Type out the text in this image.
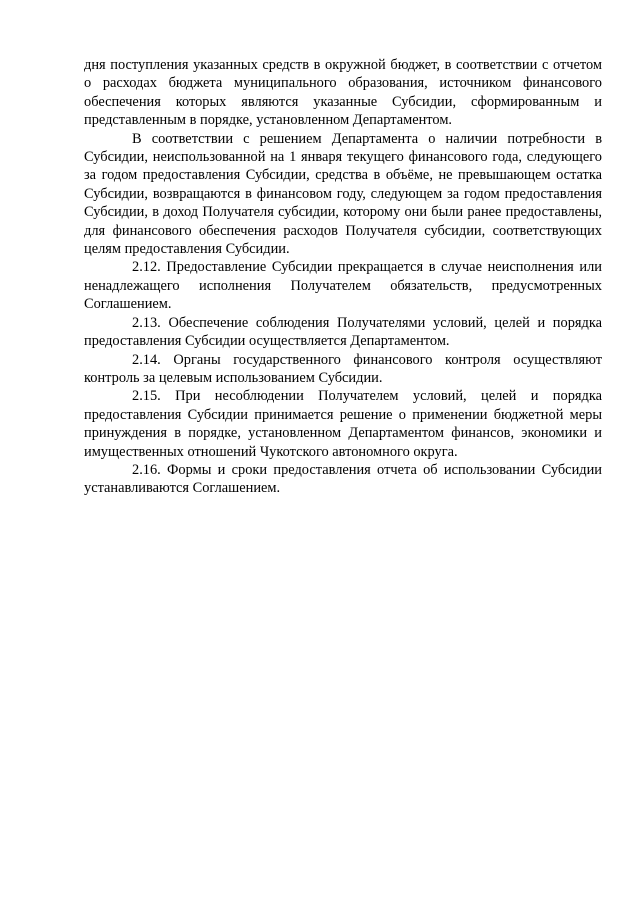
дня поступления указанных средств в окружной бюджет, в соответствии с отчетом о расходах бюджета муниципального образования, источником финансового обеспечения которых являются указанные Субсидии, сформированным и представленным в порядке, установленном Департаментом.

В соответствии с решением Департамента о наличии потребности в Субсидии, неиспользованной на 1 января текущего финансового года, следующего за годом предоставления Субсидии, средства в объёме, не превышающем остатка Субсидии, возвращаются в финансовом году, следующем за годом предоставления Субсидии, в доход Получателя субсидии, которому они были ранее предоставлены, для финансового обеспечения расходов Получателя субсидии, соответствующих целям предоставления Субсидии.

2.12. Предоставление Субсидии прекращается в случае неисполнения или ненадлежащего исполнения Получателем обязательств, предусмотренных Соглашением.

2.13. Обеспечение соблюдения Получателями условий, целей и порядка предоставления Субсидии осуществляется Департаментом.

2.14. Органы государственного финансового контроля осуществляют контроль за целевым использованием Субсидии.

2.15. При несоблюдении Получателем условий, целей и порядка предоставления Субсидии принимается решение о применении бюджетной меры принуждения в порядке, установленном Департаментом финансов, экономики и имущественных отношений Чукотского автономного округа.

2.16. Формы и сроки предоставления отчета об использовании Субсидии устанавливаются Соглашением.
